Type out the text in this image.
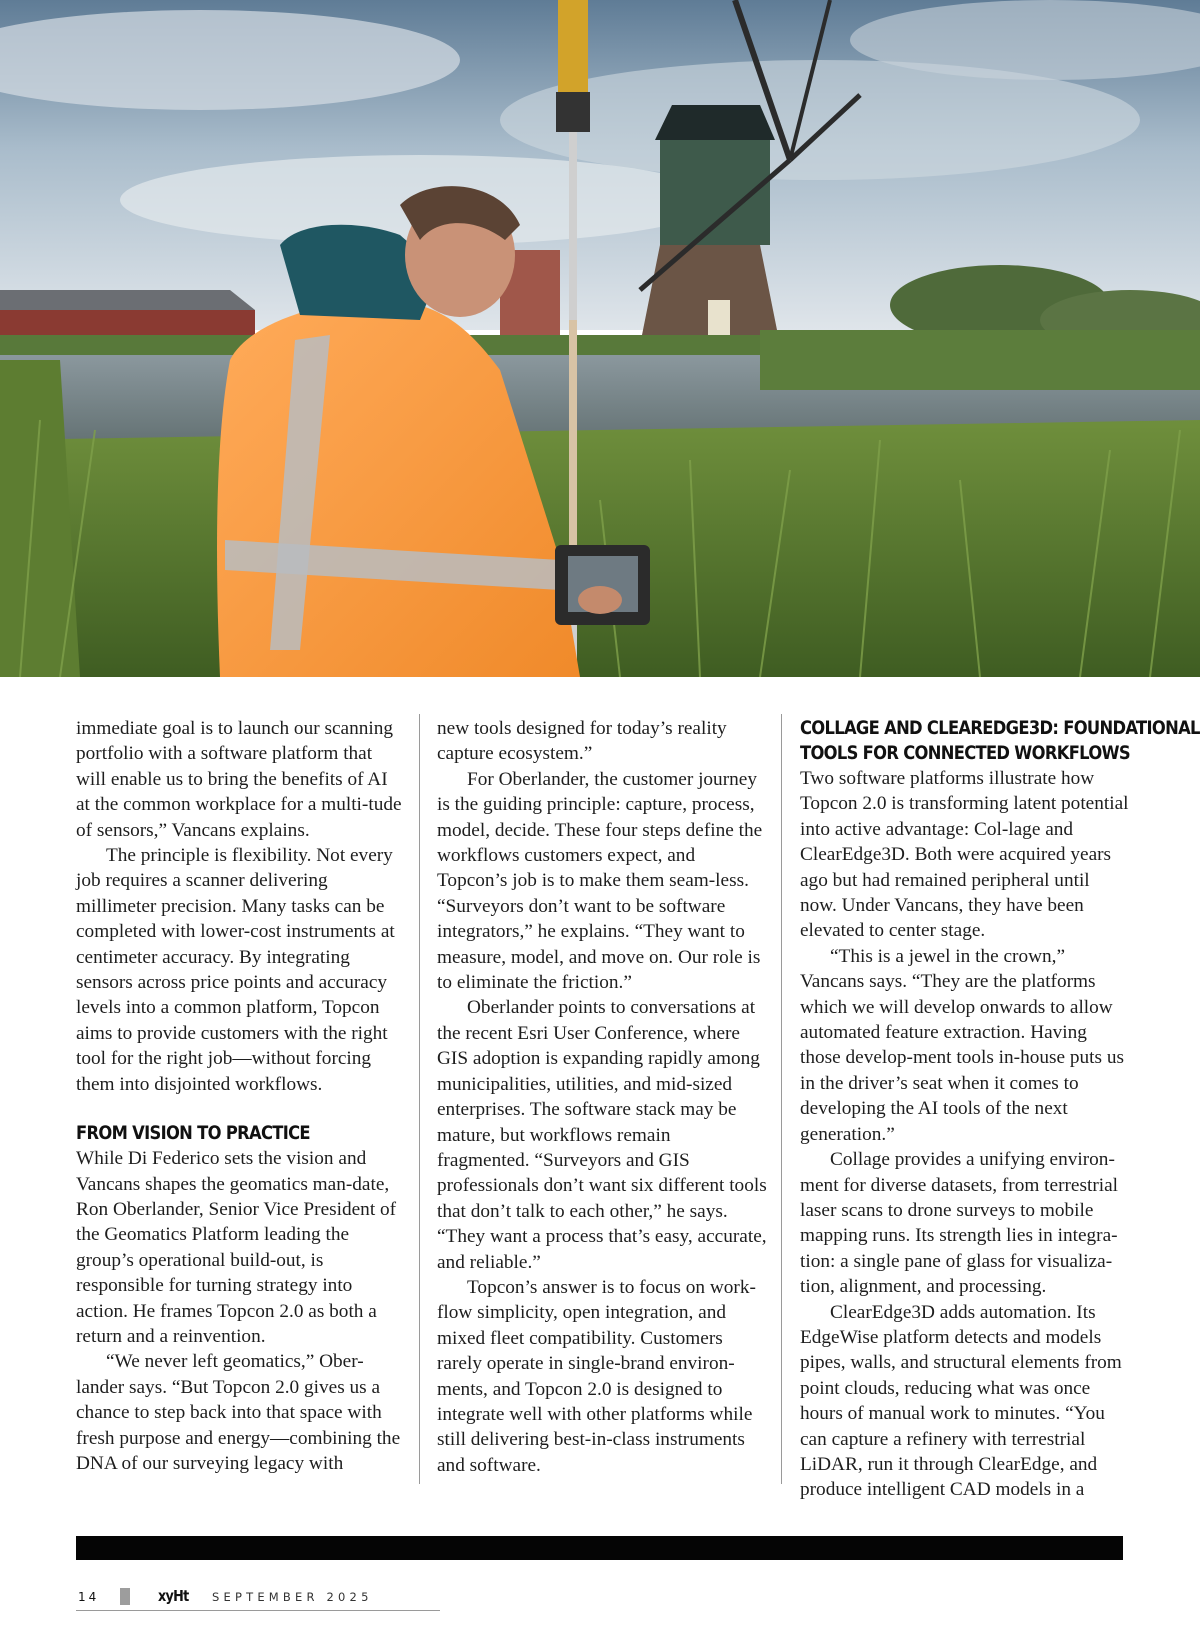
immediate goal is to launch our scanning portfolio with a software platform that will enable us to bring the benefits of AI at the common workplace for a multi-tude of sensors,” Vancans explains.

The principle is flexibility. Not every job requires a scanner delivering millimeter precision. Many tasks can be completed with lower-cost instruments at centimeter accuracy. By integrating sensors across price points and accuracy levels into a common platform, Topcon aims to provide customers with the right tool for the right job—without forcing them into disjointed workflows.

FROM VISION TO PRACTICE

While Di Federico sets the vision and Vancans shapes the geomatics man-date, Ron Oberlander, Senior Vice President of the Geomatics Platform leading the group’s operational build-out, is responsible for turning strategy into action. He frames Topcon 2.0 as both a return and a reinvention.

“We never left geomatics,” Ober-lander says. “But Topcon 2.0 gives us a chance to step back into that space with fresh purpose and energy—combining the DNA of our surveying legacy with

new tools designed for today’s reality capture ecosystem.”

For Oberlander, the customer journey is the guiding principle: capture, process, model, decide. These four steps define the workflows customers expect, and Topcon’s job is to make them seam-less. “Surveyors don’t want to be software integrators,” he explains. “They want to measure, model, and move on. Our role is to eliminate the friction.”

Oberlander points to conversations at the recent Esri User Conference, where GIS adoption is expanding rapidly among municipalities, utilities, and mid-sized enterprises. The software stack may be mature, but workflows remain fragmented. “Surveyors and GIS professionals don’t want six different tools that don’t talk to each other,” he says. “They want a process that’s easy, accurate, and reliable.”

Topcon’s answer is to focus on work-flow simplicity, open integration, and mixed fleet compatibility. Customers rarely operate in single-brand environ-ments, and Topcon 2.0 is designed to integrate well with other platforms while still delivering best-in-class instruments and software.

COLLAGE AND CLEAREDGE3D: FOUNDATIONAL
TOOLS FOR CONNECTED WORKFLOWS

Two software platforms illustrate how Topcon 2.0 is transforming latent potential into active advantage: Col-lage and ClearEdge3D. Both were acquired years ago but had remained peripheral until now. Under Vancans, they have been elevated to center stage.

“This is a jewel in the crown,” Vancans says. “They are the platforms which we will develop onwards to allow automated feature extraction. Having those develop-ment tools in-house puts us in the driver’s seat when it comes to developing the AI tools of the next generation.”

Collage provides a unifying environ-ment for diverse datasets, from terrestrial laser scans to drone surveys to mobile mapping runs. Its strength lies in integra-tion: a single pane of glass for visualiza-tion, alignment, and processing.

ClearEdge3D adds automation. Its EdgeWise platform detects and models pipes, walls, and structural elements from point clouds, reducing what was once hours of manual work to minutes. “You can capture a refinery with terrestrial LiDAR, run it through ClearEdge, and produce intelligent CAD models in a

14	xyHt SEPTEMBER 2025
